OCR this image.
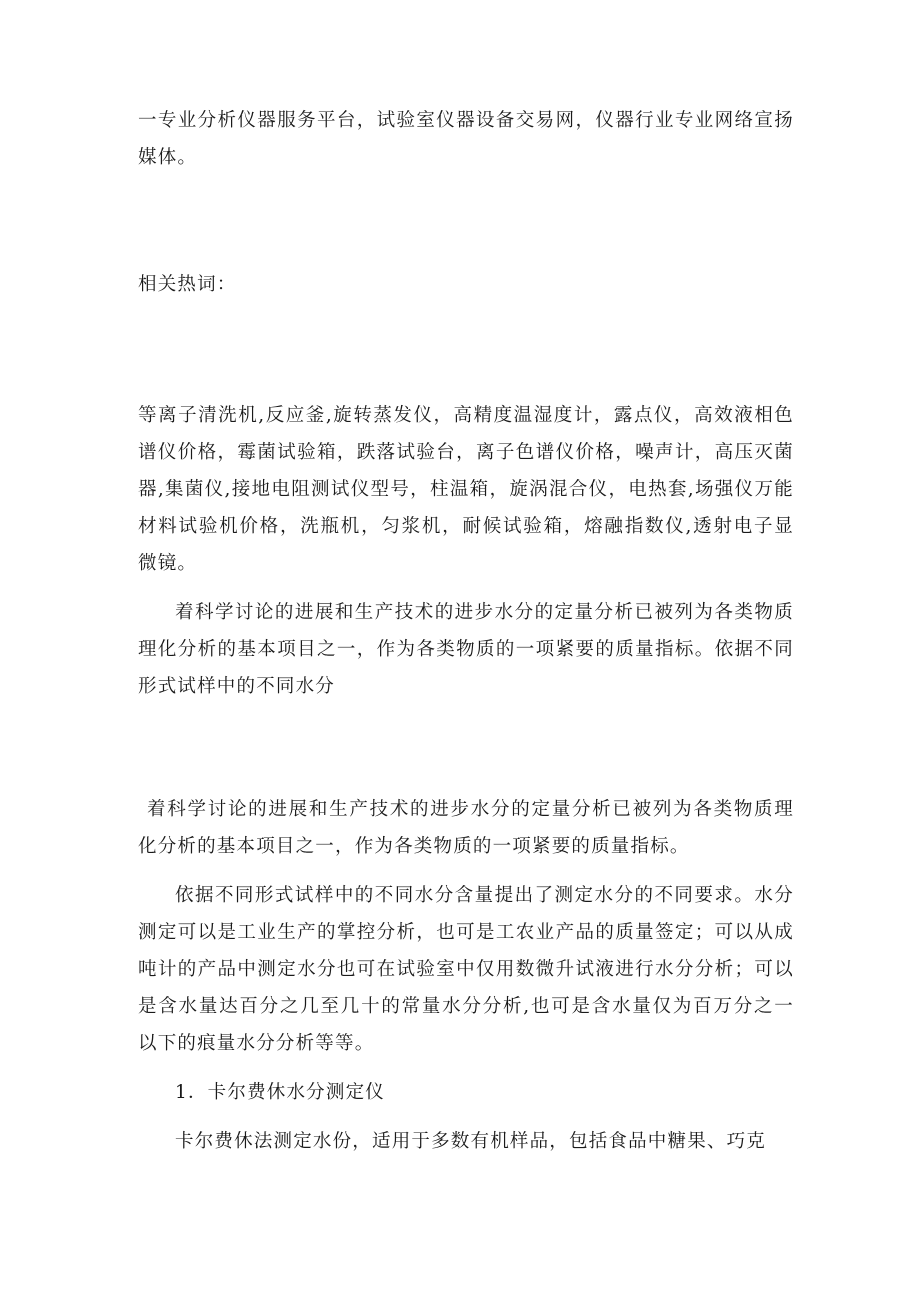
一专业分析仪器服务平台，试验室仪器设备交易网，仪器行业专业网络宣扬媒体。

相关热词：

等离子清洗机,反应釜,旋转蒸发仪，高精度温湿度计，露点仪，高效液相色谱仪价格，霉菌试验箱，跌落试验台，离子色谱仪价格，噪声计，高压灭菌器,集菌仪,接地电阻测试仪型号，柱温箱，旋涡混合仪，电热套,场强仪万能材料试验机价格，洗瓶机，匀浆机，耐候试验箱，熔融指数仪,透射电子显微镜。

着科学讨论的进展和生产技术的进步水分的定量分析已被列为各类物质理化分析的基本项目之一，作为各类物质的一项紧要的质量指标。依据不同形式试样中的不同水分

着科学讨论的进展和生产技术的进步水分的定量分析已被列为各类物质理化分析的基本项目之一，作为各类物质的一项紧要的质量指标。

依据不同形式试样中的不同水分含量提出了测定水分的不同要求。水分测定可以是工业生产的掌控分析，也可是工农业产品的质量签定；可以从成吨计的产品中测定水分也可在试验室中仅用数微升试液进行水分分析；可以是含水量达百分之几至几十的常量水分分析,也可是含水量仅为百万分之一以下的痕量水分分析等等。

1．卡尔费休水分测定仪

卡尔费休法测定水份，适用于多数有机样品，包括食品中糖果、巧克
